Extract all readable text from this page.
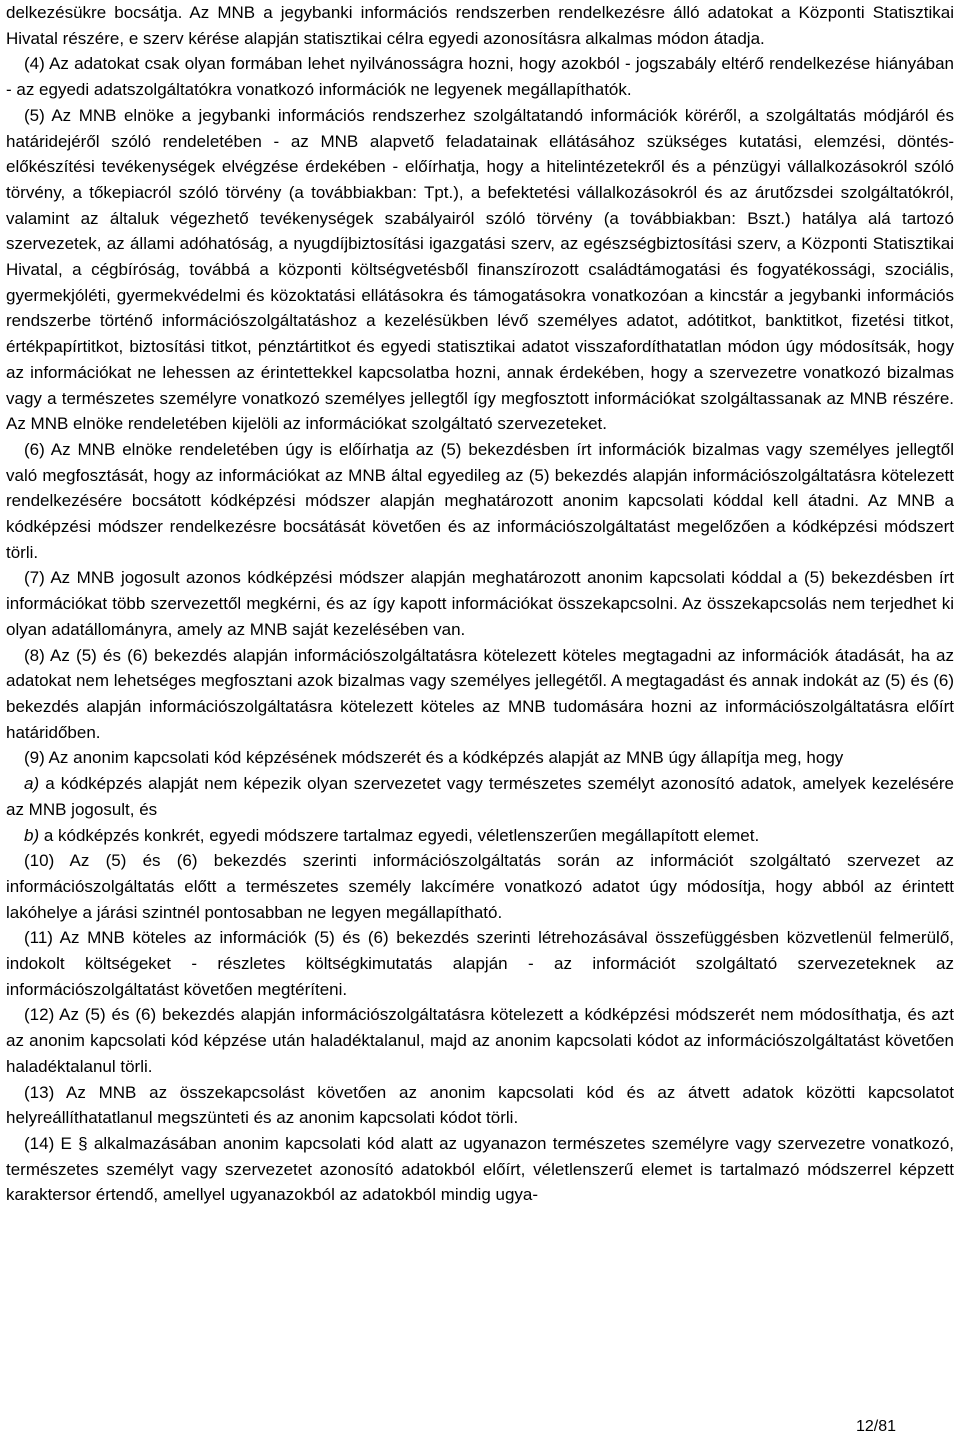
delkezésükre bocsátja. Az MNB a jegybanki információs rendszerben rendelkezésre álló adatokat a Központi Statisztikai Hivatal részére, e szerv kérése alapján statisztikai célra egyedi azonosításra alkalmas módon átadja.

(4) Az adatokat csak olyan formában lehet nyilvánosságra hozni, hogy azokból - jogszabály eltérő rendelkezése hiányában - az egyedi adatszolgáltatókra vonatkozó információk ne legyenek megállapíthatók.

(5) Az MNB elnöke a jegybanki információs rendszerhez szolgáltatandó információk köréről, a szolgáltatás módjáról és határidejéről szóló rendeletében - az MNB alapvető feladatainak ellátásához szükséges kutatási, elemzési, döntés-előkészítési tevékenységek elvégzése érdekében - előírhatja, hogy a hitelintézetekről és a pénzügyi vállalkozásokról szóló törvény, a tőkepiacról szóló törvény (a továbbiakban: Tpt.), a befektetési vállalkozásokról és az árutőzsdei szolgáltatókról, valamint az általuk végezhető tevékenységek szabályairól szóló törvény (a továbbiakban: Bszt.) hatálya alá tartozó szervezetek, az állami adóhatóság, a nyugdíjbiztosítási igazgatási szerv, az egészségbiztosítási szerv, a Központi Statisztikai Hivatal, a cégbíróság, továbbá a központi költségvetésből finanszírozott családtámogatási és fogyatékossági, szociális, gyermekjóléti, gyermekvédelmi és közoktatási ellátásokra és támogatásokra vonatkozóan a kincstár a jegybanki információs rendszerbe történő információszolgáltatáshoz a kezelésükben lévő személyes adatot, adótitkot, banktitkot, fizetési titkot, értékpapírtitkot, biztosítási titkot, pénztártitkot és egyedi statisztikai adatot visszafordíthatatlan módon úgy módosítsák, hogy az információkat ne lehessen az érintettekkel kapcsolatba hozni, annak érdekében, hogy a szervezetre vonatkozó bizalmas vagy a természetes személyre vonatkozó személyes jellegtől így megfosztott információkat szolgáltassanak az MNB részére. Az MNB elnöke rendeletében kijelöli az információkat szolgáltató szervezeteket.

(6) Az MNB elnöke rendeletében úgy is előírhatja az (5) bekezdésben írt információk bizalmas vagy személyes jellegtől való megfosztását, hogy az információkat az MNB által egyedileg az (5) bekezdés alapján információszolgáltatásra kötelezett rendelkezésére bocsátott kódképzési módszer alapján meghatározott anonim kapcsolati kóddal kell átadni. Az MNB a kódképzési módszer rendelkezésre bocsátását követően és az információszolgáltatást megelőzően a kódképzési módszert törli.

(7) Az MNB jogosult azonos kódképzési módszer alapján meghatározott anonim kapcsolati kóddal a (5) bekezdésben írt információkat több szervezettől megkérni, és az így kapott információkat összekapcsolni. Az összekapcsolás nem terjedhet ki olyan adatállományra, amely az MNB saját kezelésében van.

(8) Az (5) és (6) bekezdés alapján információszolgáltatásra kötelezett köteles megtagadni az információk átadását, ha az adatokat nem lehetséges megfosztani azok bizalmas vagy személyes jellegétől. A megtagadást és annak indokát az (5) és (6) bekezdés alapján információszolgáltatásra kötelezett köteles az MNB tudomására hozni az információszolgáltatásra előírt határidőben.

(9) Az anonim kapcsolati kód képzésének módszerét és a kódképzés alapját az MNB úgy állapítja meg, hogy

a) a kódképzés alapját nem képezik olyan szervezetet vagy természetes személyt azonosító adatok, amelyek kezelésére az MNB jogosult, és

b) a kódképzés konkrét, egyedi módszere tartalmaz egyedi, véletlenszerűen megállapított elemet.

(10) Az (5) és (6) bekezdés szerinti információszolgáltatás során az információt szolgáltató szervezet az információszolgáltatás előtt a természetes személy lakcímére vonatkozó adatot úgy módosítja, hogy abból az érintett lakóhelye a járási szintnél pontosabban ne legyen megállapítható.

(11) Az MNB köteles az információk (5) és (6) bekezdés szerinti létrehozásával összefüggésben közvetlenül felmerülő, indokolt költségeket - részletes költségkimutatás alapján - az információt szolgáltató szervezeteknek az információszolgáltatást követően megtéríteni.

(12) Az (5) és (6) bekezdés alapján információszolgáltatásra kötelezett a kódképzési módszerét nem módosíthatja, és azt az anonim kapcsolati kód képzése után haladéktalanul, majd az anonim kapcsolati kódot az információszolgáltatást követően haladéktalanul törli.

(13) Az MNB az összekapcsolást követően az anonim kapcsolati kód és az átvett adatok közötti kapcsolatot helyreállíthatatlanul megszünteti és az anonim kapcsolati kódot törli.

(14) E § alkalmazásában anonim kapcsolati kód alatt az ugyanazon természetes személyre vagy szervezetre vonatkozó, természetes személyt vagy szervezetet azonosító adatokból előírt, véletlenszerű elemet is tartalmazó módszerrel képzett karaktersor értendő, amellyel ugyanazokból az adatokból mindig ugya-

12/81
